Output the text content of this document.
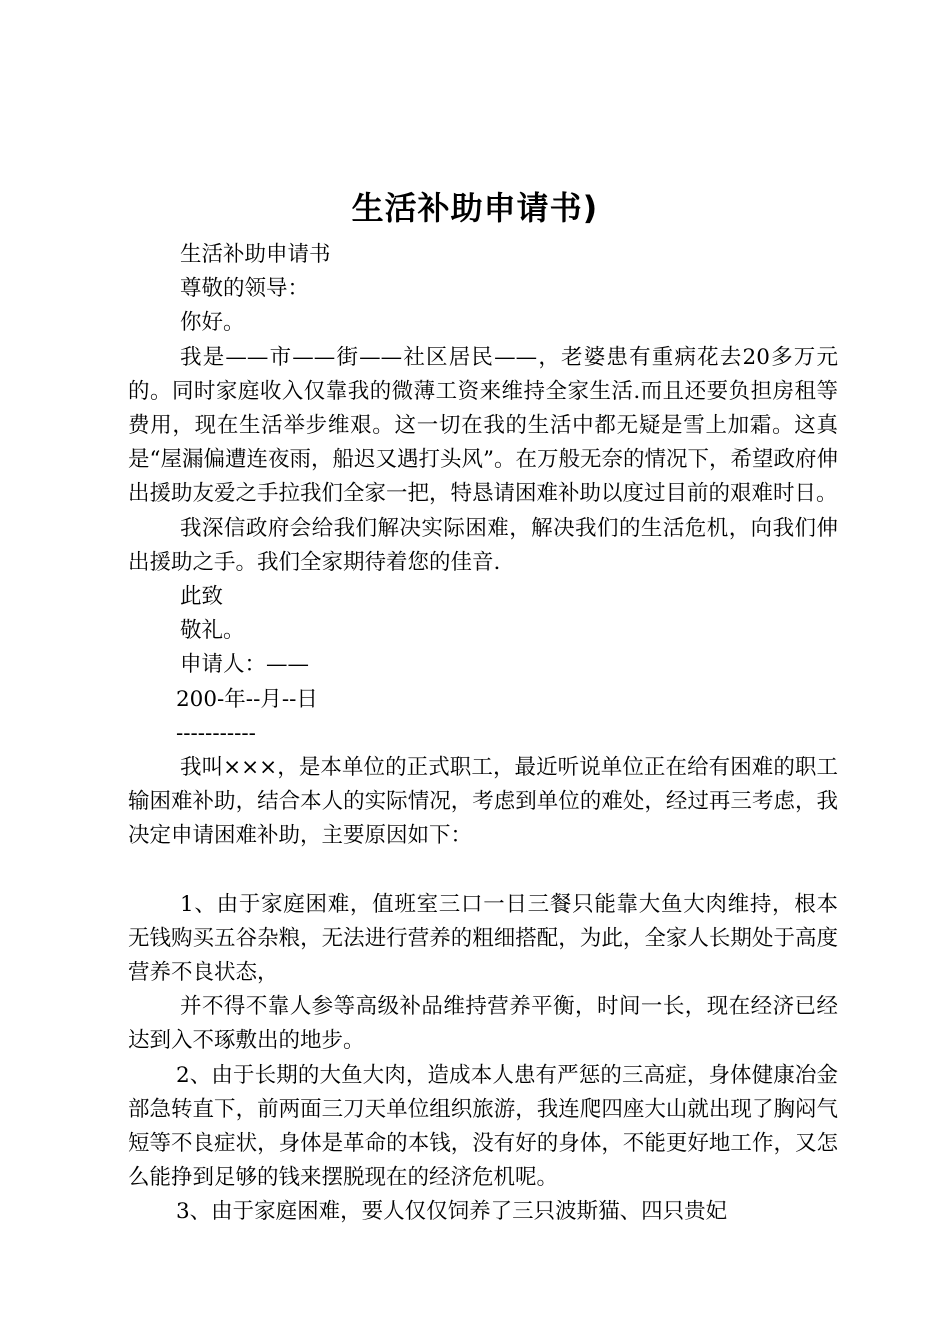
生活补助申请书)

生活补助申请书

尊敬的领导：

你好。

我是——市——街——社区居民——，老婆患有重病花去20多万元的。同时家庭收入仅靠我的微薄工资来维持全家生活.而且还要负担房租等费用，现在生活举步维艰。这一切在我的生活中都无疑是雪上加霜。这真是“屋漏偏遭连夜雨，船迟又遇打头风”。在万般无奈的情况下，希望政府伸出援助友爱之手拉我们全家一把，特恳请困难补助以度过目前的艰难时日。

我深信政府会给我们解决实际困难，解决我们的生活危机，向我们伸出援助之手。我们全家期待着您的佳音.

此致

敬礼。

申请人：——

200-年--月--日

-----------

我叫×××，是本单位的正式职工，最近听说单位正在给有困难的职工输困难补助，结合本人的实际情况，考虑到单位的难处，经过再三考虑，我决定申请困难补助，主要原因如下：

1、由于家庭困难，值班室三口一日三餐只能靠大鱼大肉维持，根本无钱购买五谷杂粮，无法进行营养的粗细搭配，为此，全家人长期处于高度营养不良状态，

并不得不靠人参等高级补品维持营养平衡，时间一长，现在经济已经达到入不琢敷出的地步。

2、由于长期的大鱼大肉，造成本人患有严惩的三高症，身体健康冶金部急转直下，前两面三刀天单位组织旅游，我连爬四座大山就出现了胸闷气短等不良症状，身体是革命的本钱，没有好的身体，不能更好地工作，又怎么能挣到足够的钱来摆脱现在的经济危机呢。

3、由于家庭困难，要人仅仅饲养了三只波斯猫、四只贵妃
